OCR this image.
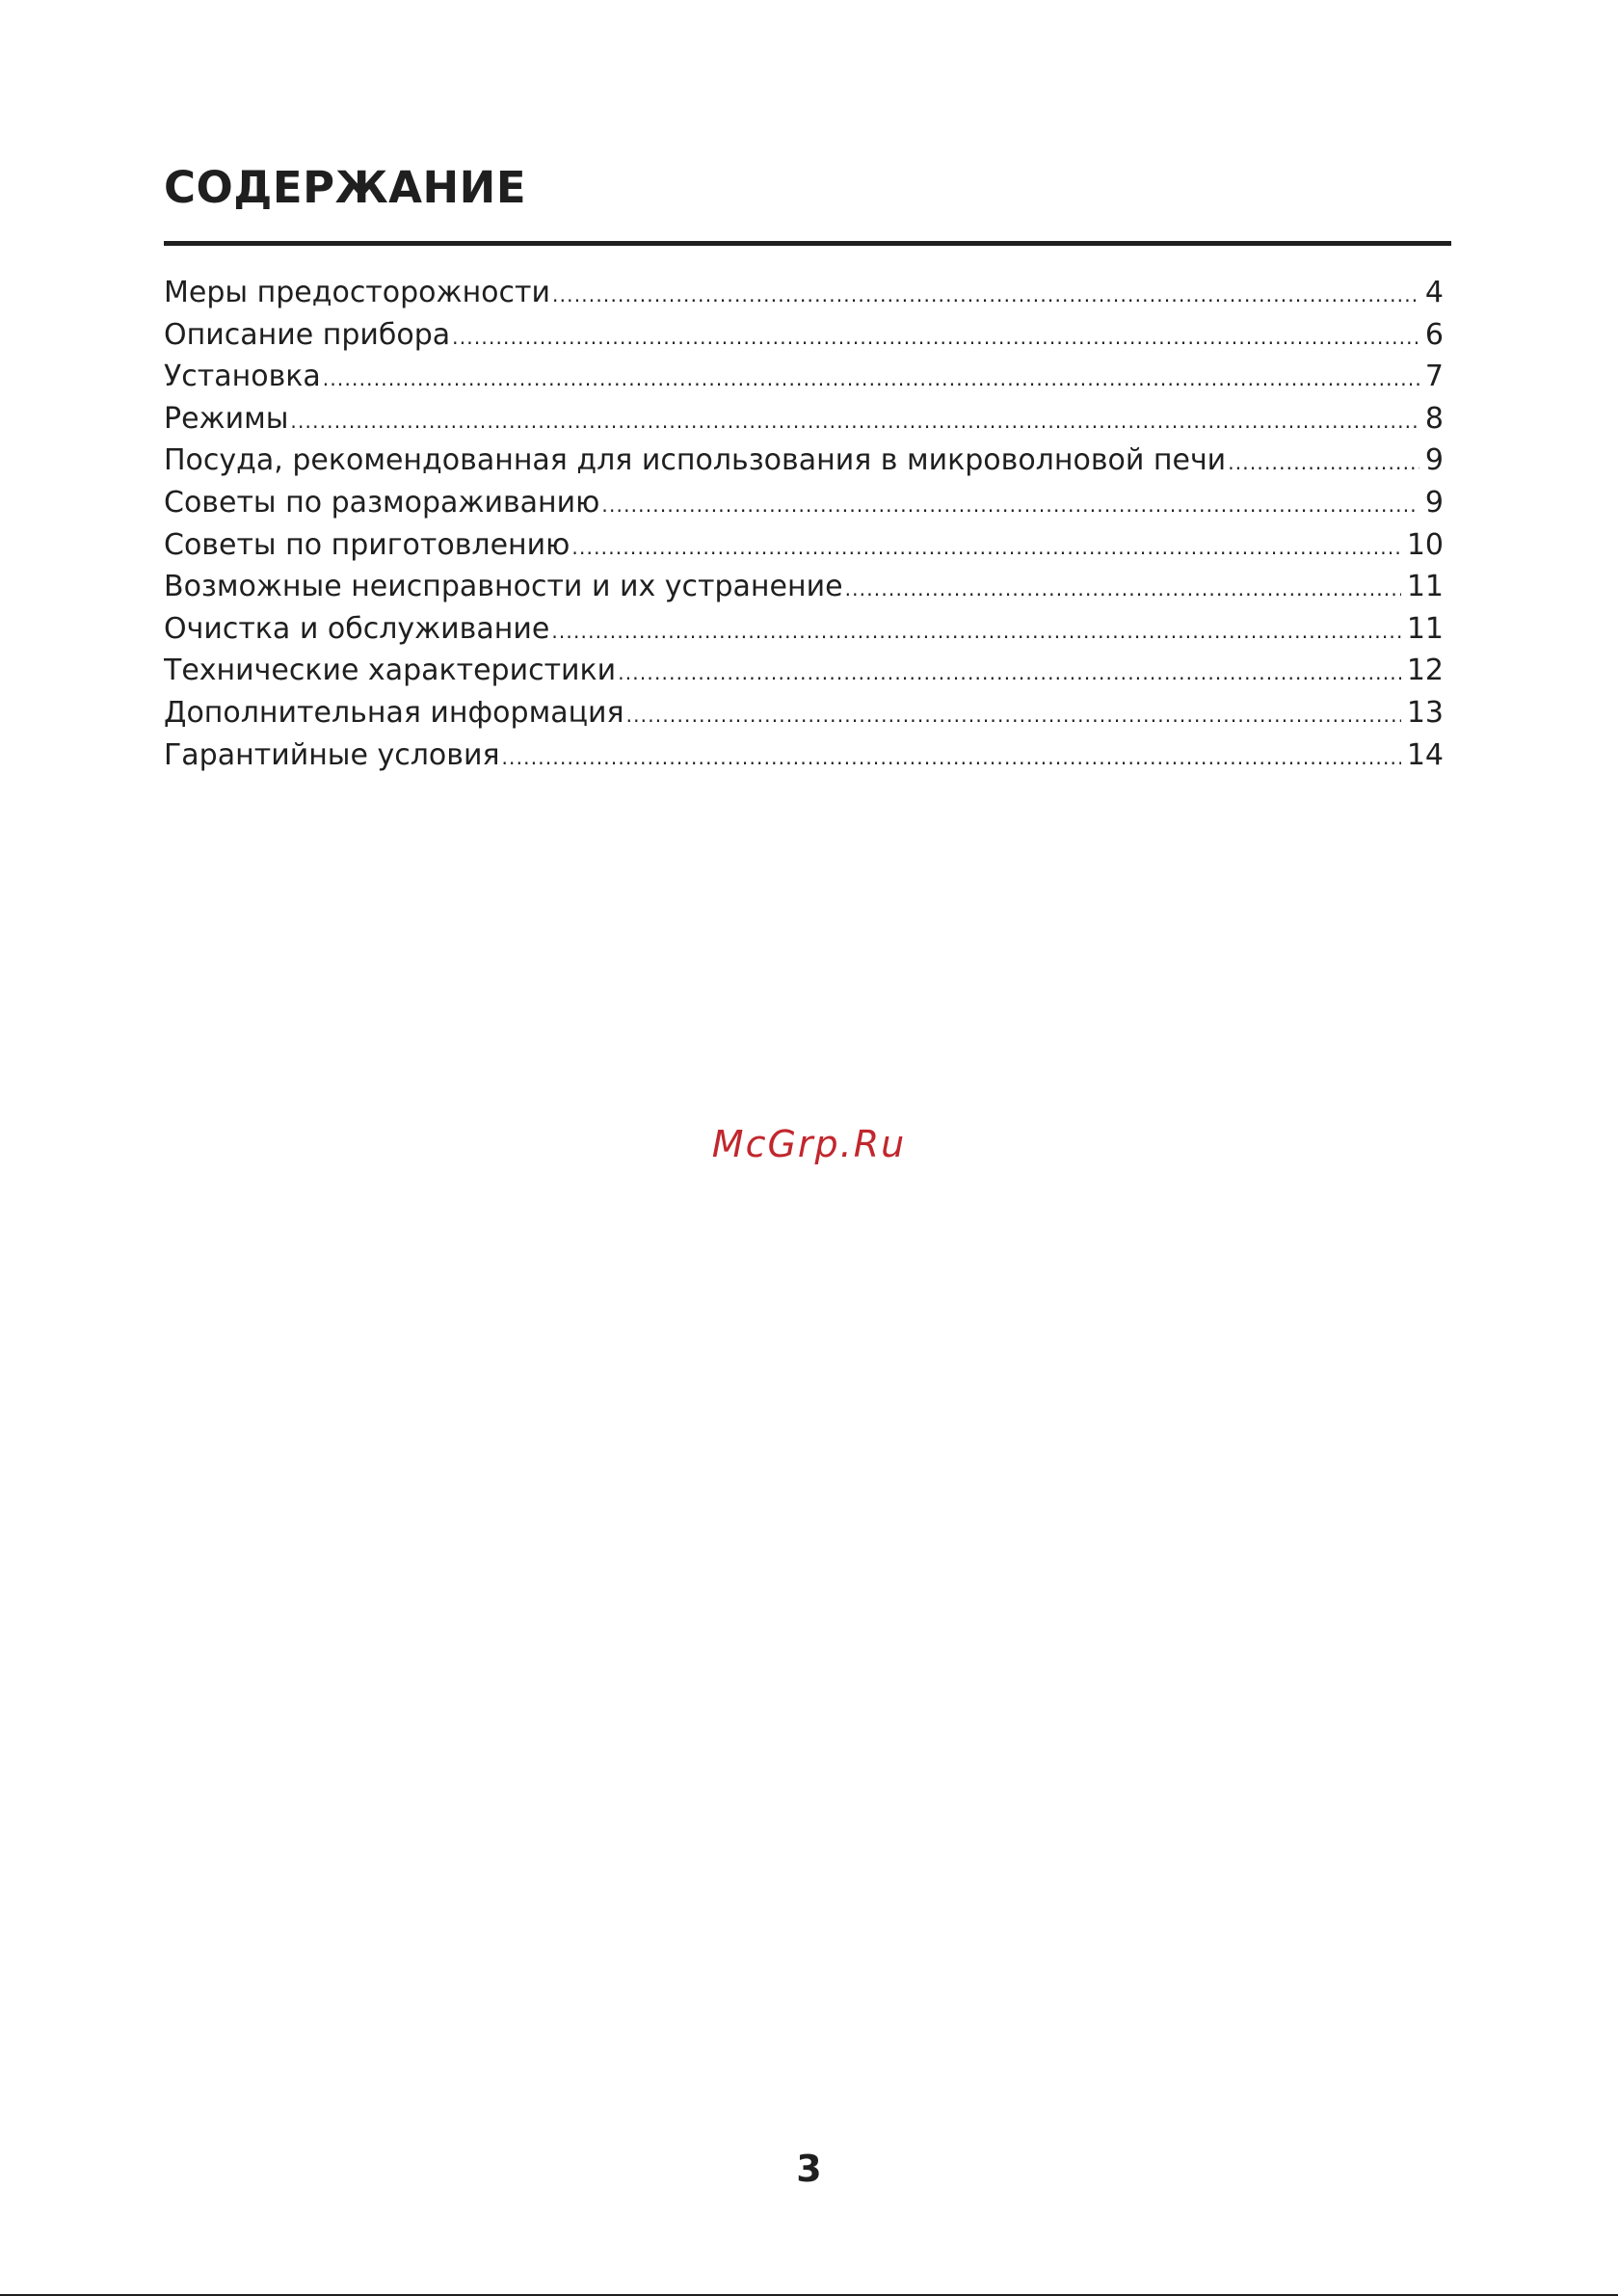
СОДЕРЖАНИЕ
Меры предосторожности .....	4
Описание прибора .....	6
Установка .....	7
Режимы .....	8
Посуда, рекомендованная для использования в микроволновой печи .....	9
Советы по размораживанию .....	9
Советы по приготовлению .....	10
Возможные неисправности и их устранение .....	11
Очистка и обслуживание .....	11
Технические характеристики .....	12
Дополнительная информация .....	13
Гарантийные условия .....	14
McGrp.Ru
3
